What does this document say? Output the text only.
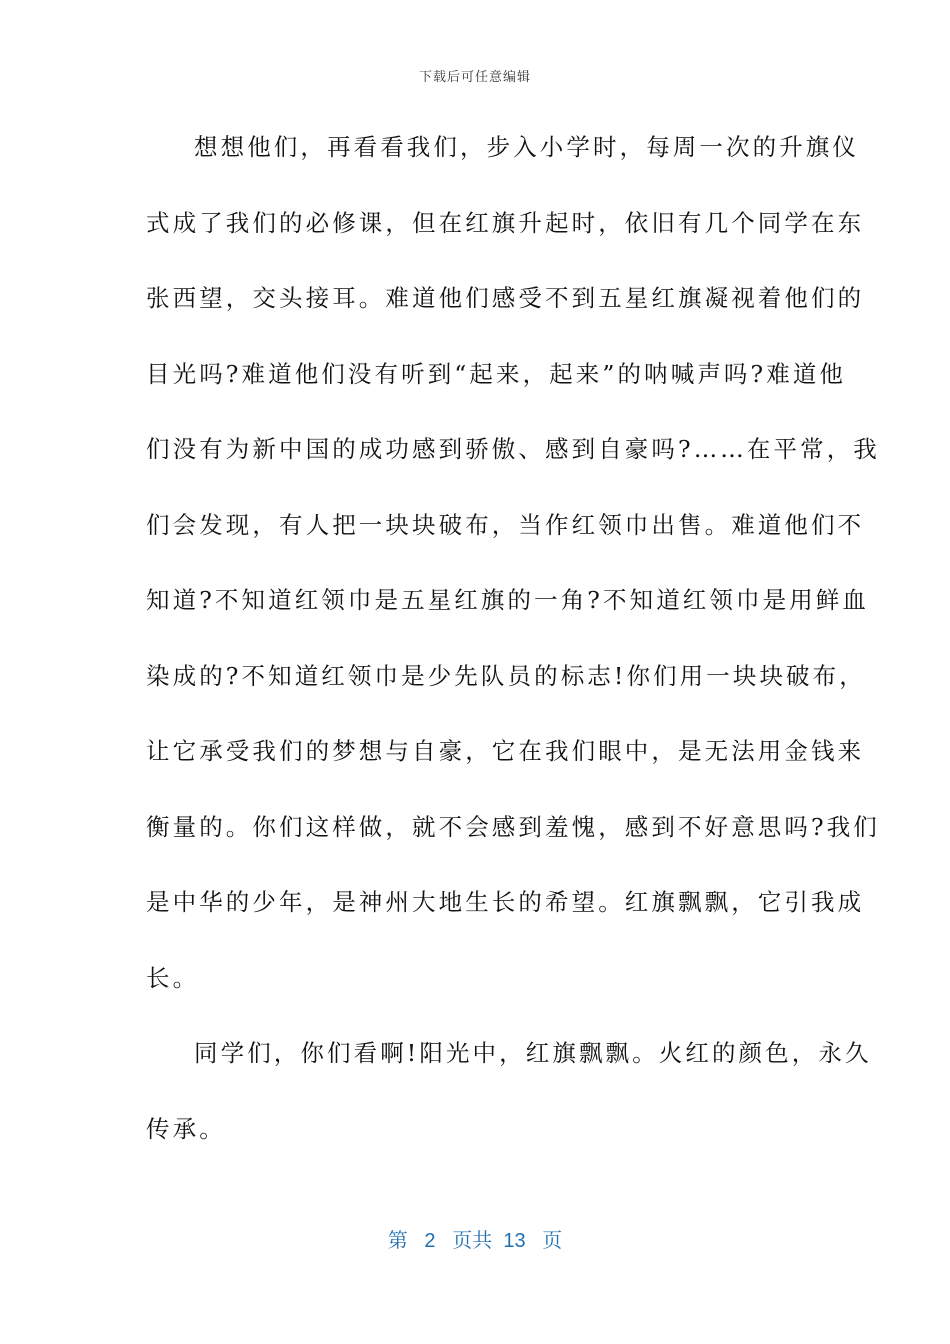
下载后可任意编辑
想想他们，再看看我们，步入小学时，每周一次的升旗仪
式成了我们的必修课，但在红旗升起时，依旧有几个同学在东
张西望，交头接耳。难道他们感受不到五星红旗凝视着他们的
目光吗?难道他们没有听到“起来，起来”的呐喊声吗?难道他
们没有为新中国的成功感到骄傲、感到自豪吗?……在平常，我
们会发现，有人把一块块破布，当作红领巾出售。难道他们不
知道?不知道红领巾是五星红旗的一角?不知道红领巾是用鲜血
染成的?不知道红领巾是少先队员的标志!你们用一块块破布，
让它承受我们的梦想与自豪，它在我们眼中，是无法用金钱来
衡量的。你们这样做，就不会感到羞愧，感到不好意思吗?我们
是中华的少年，是神州大地生长的希望。红旗飘飘，它引我成
长。
同学们，你们看啊!阳光中，红旗飘飘。火红的颜色，永久
传承。
第 2 页共 13 页
